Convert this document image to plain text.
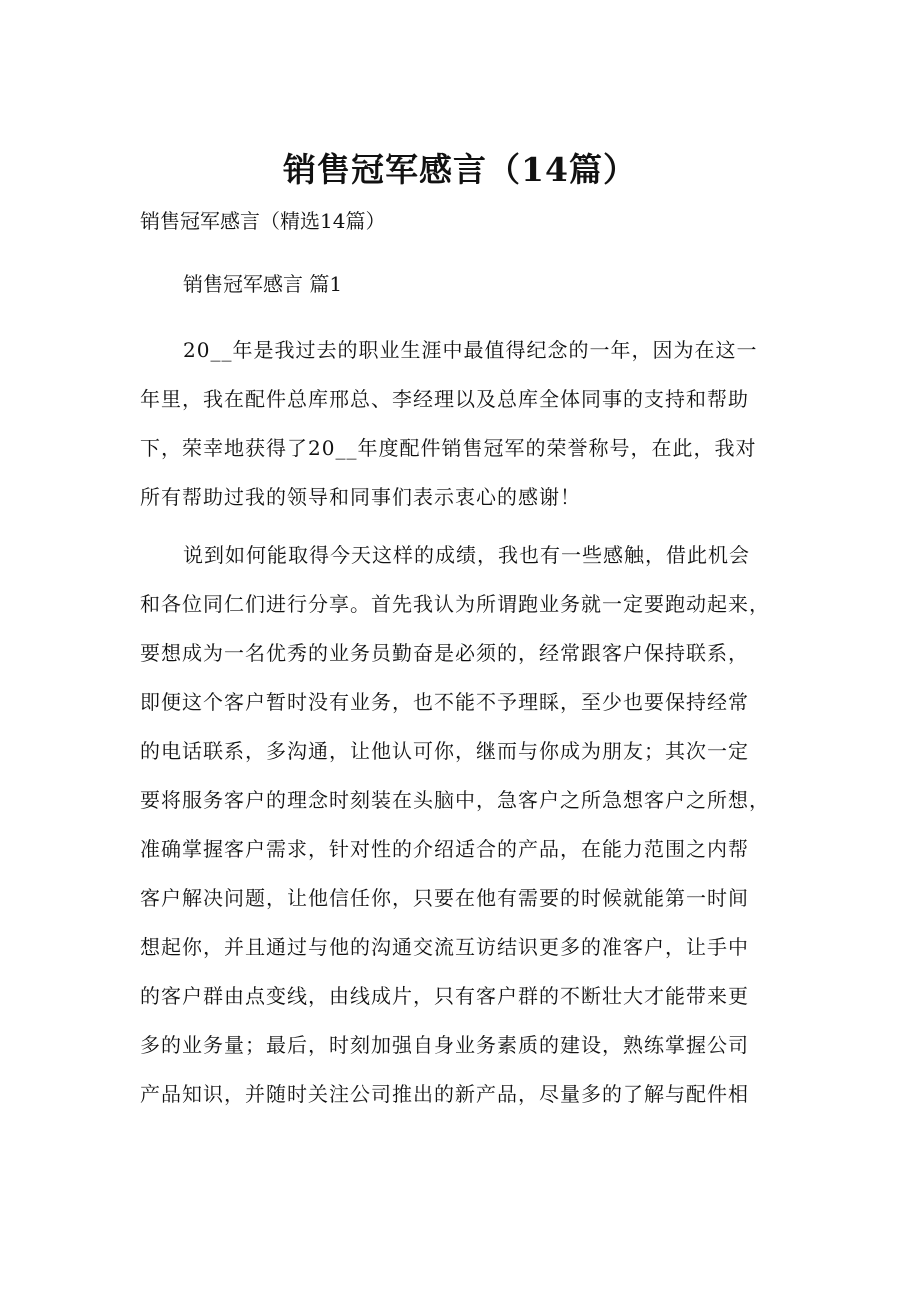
销售冠军感言（14篇）
销售冠军感言（精选14篇）
销售冠军感言 篇1
20__年是我过去的职业生涯中最值得纪念的一年，因为在这一
年里，我在配件总库邢总、李经理以及总库全体同事的支持和帮助
下，荣幸地获得了20__年度配件销售冠军的荣誉称号，在此，我对
所有帮助过我的领导和同事们表示衷心的感谢！
说到如何能取得今天这样的成绩，我也有一些感触，借此机会
和各位同仁们进行分享。首先我认为所谓跑业务就一定要跑动起来，
要想成为一名优秀的业务员勤奋是必须的，经常跟客户保持联系，
即便这个客户暂时没有业务，也不能不予理睬，至少也要保持经常
的电话联系，多沟通，让他认可你，继而与你成为朋友；其次一定
要将服务客户的理念时刻装在头脑中，急客户之所急想客户之所想，
准确掌握客户需求，针对性的介绍适合的产品，在能力范围之内帮
客户解决问题，让他信任你，只要在他有需要的时候就能第一时间
想起你，并且通过与他的沟通交流互访结识更多的准客户，让手中
的客户群由点变线，由线成片，只有客户群的不断壮大才能带来更
多的业务量；最后，时刻加强自身业务素质的建设，熟练掌握公司
产品知识，并随时关注公司推出的新产品，尽量多的了解与配件相
